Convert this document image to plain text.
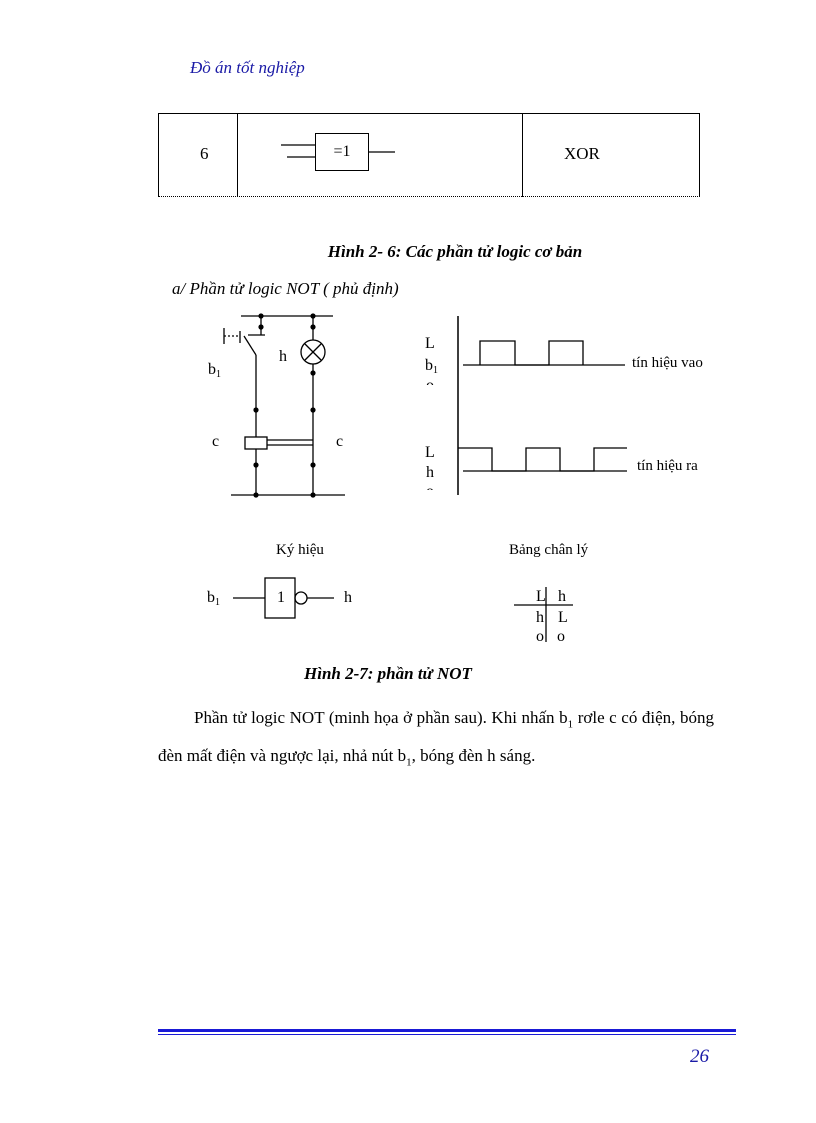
Đồ án tốt nghiệp
6	=1	XOR
Hình 2- 6: Các phần tử logic cơ bản
a/ Phần tử logic NOT ( phủ định)
b1
h
c	c
L
b1	tín hiệu vao
L
h	tín hiệu ra
Ký hiệu
b1	1	h
Bảng chân lý
L h
h L
o o
Hình 2-7: phần tử NOT
Phần tử logic NOT (minh họa ở phần sau). Khi nhấn $b_1$ rơle c có điện, bóng đèn mất điện và ngược lại, nhả nút $b_1$, bóng đèn h sáng.
26
